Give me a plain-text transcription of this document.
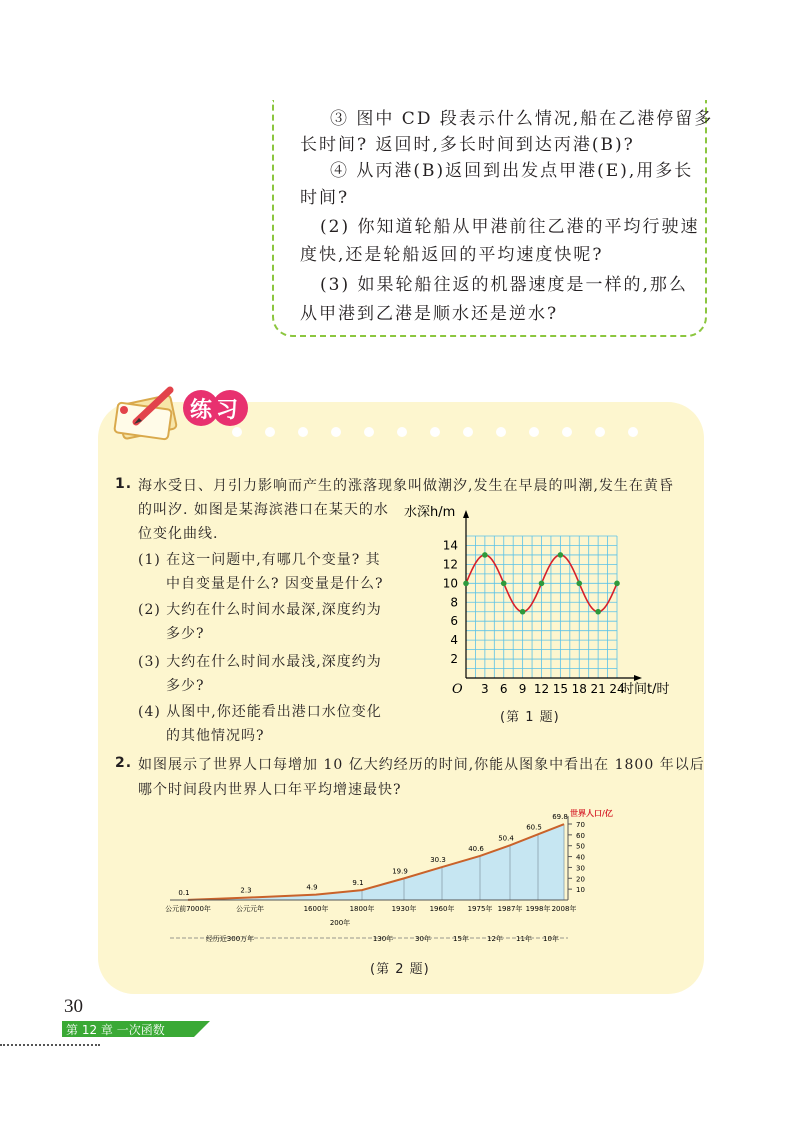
③ 图中 CD 段表示什么情况,船在乙港停留多
长时间? 返回时,多长时间到达丙港(B)?
④ 从丙港(B)返回到出发点甲港(E),用多长
时间?
(2) 你知道轮船从甲港前往乙港的平均行驶速
度快,还是轮船返回的平均速度快呢?
(3) 如果轮船往返的机器速度是一样的,那么
从甲港到乙港是顺水还是逆水?
练习
1. 海水受日、月引力影响而产生的涨落现象叫做潮汐,发生在早晨的叫潮,发生在黄昏
的叫汐. 如图是某海滨港口在某天的水
位变化曲线.
(1) 在这一问题中,有哪几个变量? 其
中自变量是什么? 因变量是什么?
(2) 大约在什么时间水最深,深度约为
多少?
(3) 大约在什么时间水最浅,深度约为
多少?
(4) 从图中,你还能看出港口水位变化
的其他情况吗?
2
4
6
8
10
12
14
3 6 9 12 15 18 21 24
O
水深h/m
时间t/时
(第 1 题)
2. 如图展示了世界人口每增加 10 亿大约经历的时间,你能从图象中看出在 1800 年以后
哪个时间段内世界人口年平均增速最快?
0.1	2.3	4.9
9.1
19.9
30.3
40.6
50.4
60.5
69.8
公元前7000年	公元元年	1600年	1800年 1930年 1960年 1975年 1987年 1998年 2008年
10
20
30
40
50
60
70
世界人口/亿
经历近300万年
200年
130年	30年	15年	12年 11年 10年
(第 2 题)
30
第 12 章 一次函数
